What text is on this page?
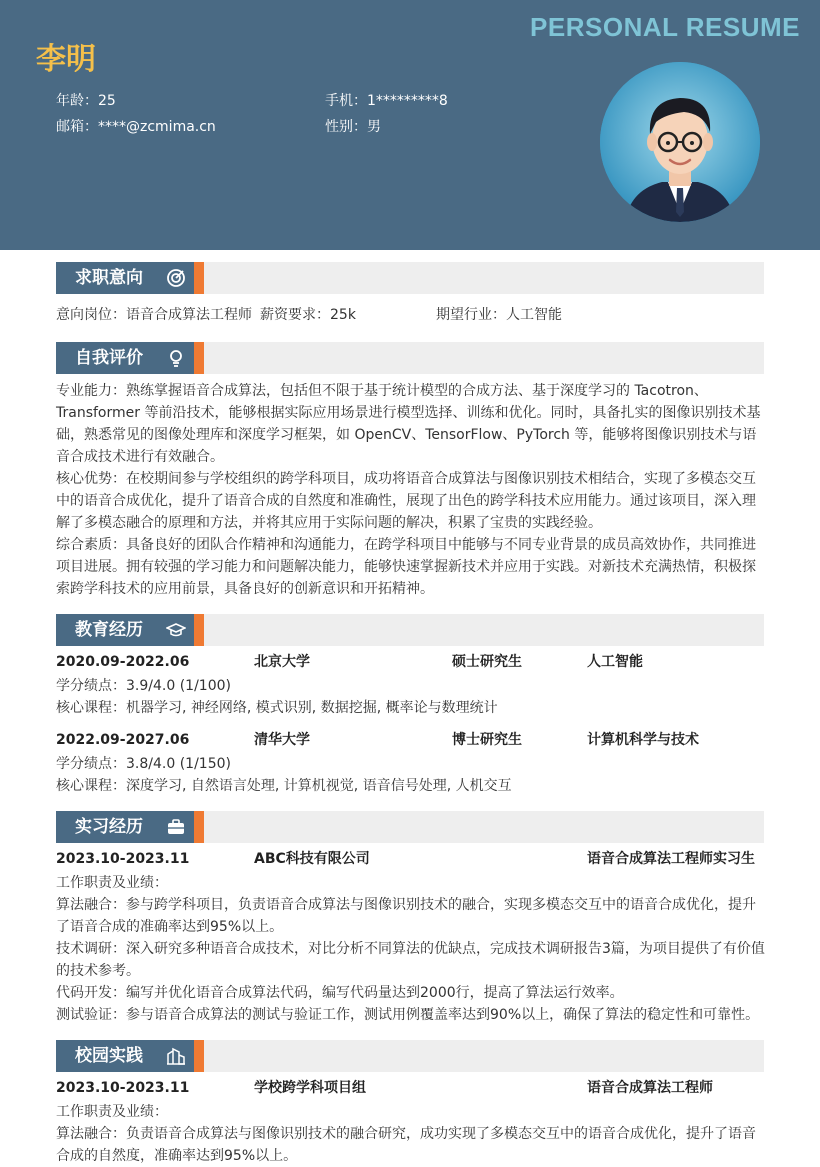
PERSONAL RESUME
李明
年龄：25	手机：1*********8
邮箱：****@zcmima.cn	性别：男
求职意向
意向岗位：语音合成算法工程师 薪资要求：25k	期望行业：人工智能
自我评价

专业能力：熟练掌握语音合成算法，包括但不限于基于统计模型的合成方法、基于深度学习的 Tacotron、Transformer 等前沿技术，能够根据实际应用场景进行模型选择、训练和优化。同时，具备扎实的图像识别技术基础，熟悉常见的图像处理库和深度学习框架，如 OpenCV、TensorFlow、PyTorch 等，能够将图像识别技术与语音合成技术进行有效融合。

核心优势：在校期间参与学校组织的跨学科项目，成功将语音合成算法与图像识别技术相结合，实现了多模态交互中的语音合成优化，提升了语音合成的自然度和准确性，展现了出色的跨学科技术应用能力。通过该项目，深入理解了多模态融合的原理和方法，并将其应用于实际问题的解决，积累了宝贵的实践经验。

综合素质：具备良好的团队合作精神和沟通能力，在跨学科项目中能够与不同专业背景的成员高效协作，共同推进项目进展。拥有较强的学习能力和问题解决能力，能够快速掌握新技术并应用于实践。对新技术充满热情，积极探索跨学科技术的应用前景，具备良好的创新意识和开拓精神。

教育经历
2020.09-2022.06	北京大学	硕士研究生	人工智能
学分绩点：3.9/4.0 (1/100)
核心课程：机器学习, 神经网络, 模式识别, 数据挖掘, 概率论与数理统计
2022.09-2027.06	清华大学	博士研究生	计算机科学与技术
学分绩点：3.8/4.0 (1/150)
核心课程：深度学习, 自然语言处理, 计算机视觉, 语音信号处理, 人机交互
实习经历
2023.10-2023.11	ABC科技有限公司	语音合成算法工程师实习生
工作职责及业绩：

算法融合：参与跨学科项目，负责语音合成算法与图像识别技术的融合，实现多模态交互中的语音合成优化，提升了语音合成的准确率达到95%以上。

技术调研：深入研究多种语音合成技术，对比分析不同算法的优缺点，完成技术调研报告3篇，为项目提供了有价值的技术参考。

代码开发：编写并优化语音合成算法代码，编写代码量达到2000行，提高了算法运行效率。

测试验证：参与语音合成算法的测试与验证工作，测试用例覆盖率达到90%以上，确保了算法的稳定性和可靠性。

校园实践
2023.10-2023.11	学校跨学科项目组	语音合成算法工程师
工作职责及业绩：

算法融合：负责语音合成算法与图像识别技术的融合研究，成功实现了多模态交互中的语音合成优化，提升了语音合成的自然度，准确率达到95%以上。
